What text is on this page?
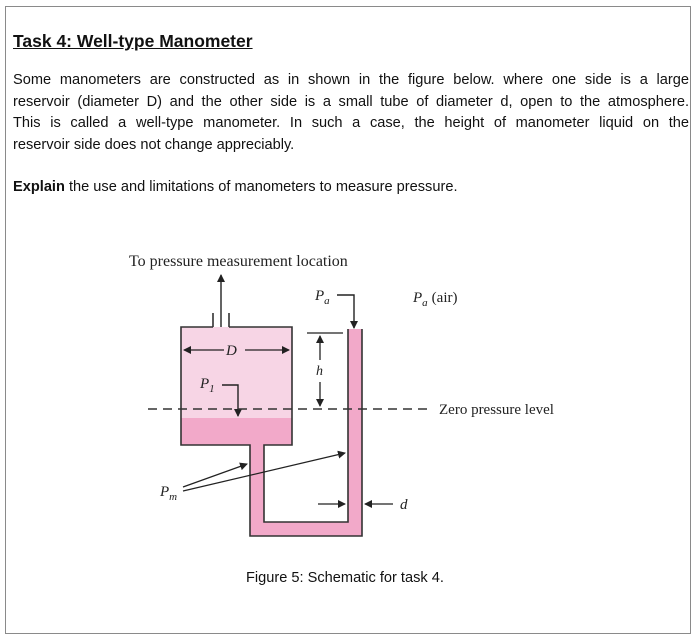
Task 4: Well-type Manometer
Some manometers are constructed as in shown in the figure below. where one side is a large
reservoir (diameter D) and the other side is a small tube of diameter d, open to the atmosphere.
This is called a well-type manometer. In such a case, the height of manometer liquid on the
reservoir side does not change appreciably.
Explain the use and limitations of manometers to measure pressure.
To pressure measurement location
$P_a$	$P_a$ (air)
D
h
$P_1$
Zero pressure level
$P_m$	d
Figure 5: Schematic for task 4.
